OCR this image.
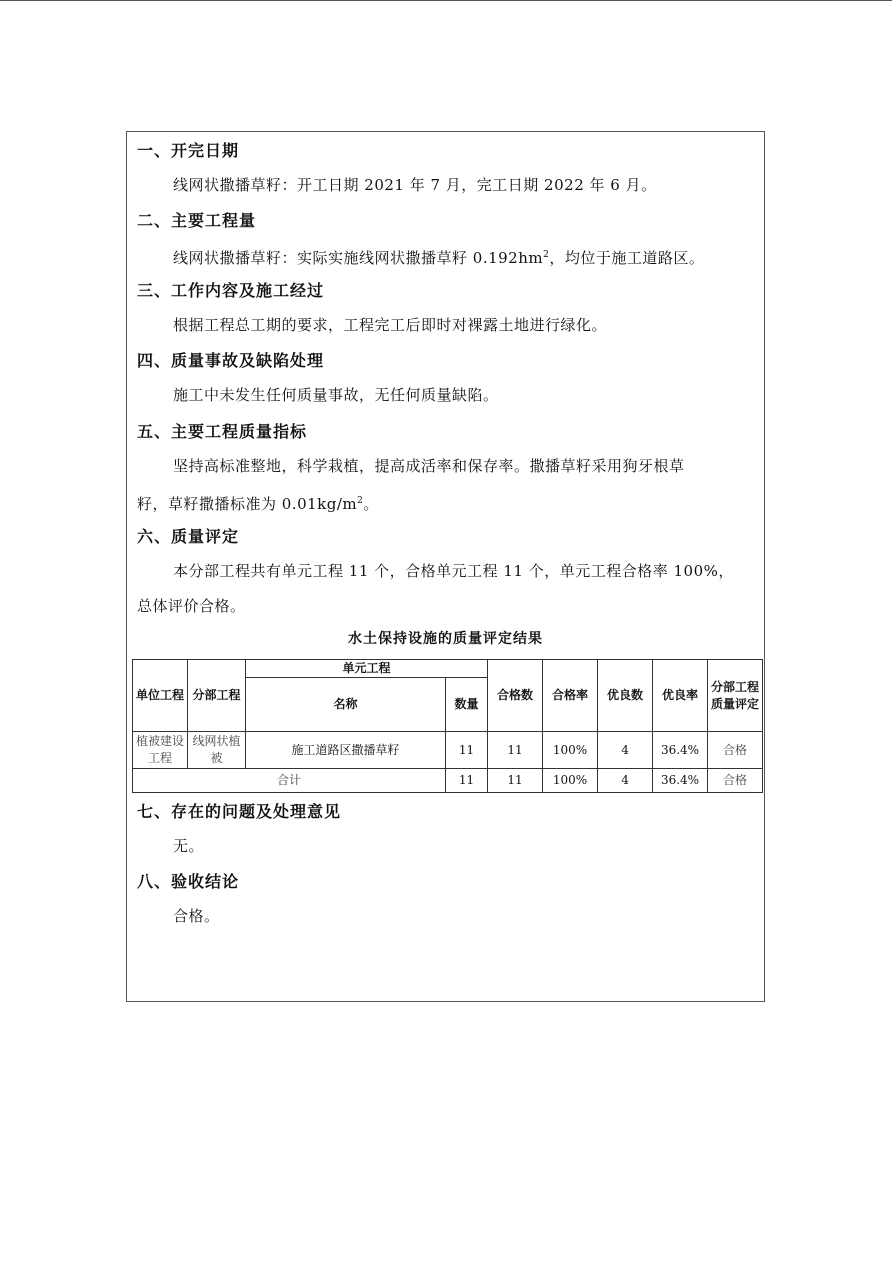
一、开完日期
线网状撒播草籽：开工日期 2021 年 7 月，完工日期 2022 年 6 月。
二、主要工程量
线网状撒播草籽：实际实施线网状撒播草籽 $0.192hm^2$，均位于施工道路区。
三、工作内容及施工经过
根据工程总工期的要求，工程完工后即时对裸露土地进行绿化。
四、质量事故及缺陷处理
施工中未发生任何质量事故，无任何质量缺陷。
五、主要工程质量指标
坚持高标准整地，科学栽植，提高成活率和保存率。撒播草籽采用狗牙根草
籽，草籽撒播标准为 $0.01kg/m^2$。
六、质量评定
本分部工程共有单元工程 11 个，合格单元工程 11 个，单元工程合格率 100%，
总体评价合格。
水土保持设施的质量评定结果
单位工程	分部工程	单元工程		合格数	合格率	优良数	优良率	分部工程质量评定
		名称	数量					
植被建设工程	线网状植被	施工道路区撒播草籽	11	11	100%	4	36.4%	合格
合计			11	11	100%	4	36.4%	合格
七、存在的问题及处理意见
无。
八、验收结论
合格。
